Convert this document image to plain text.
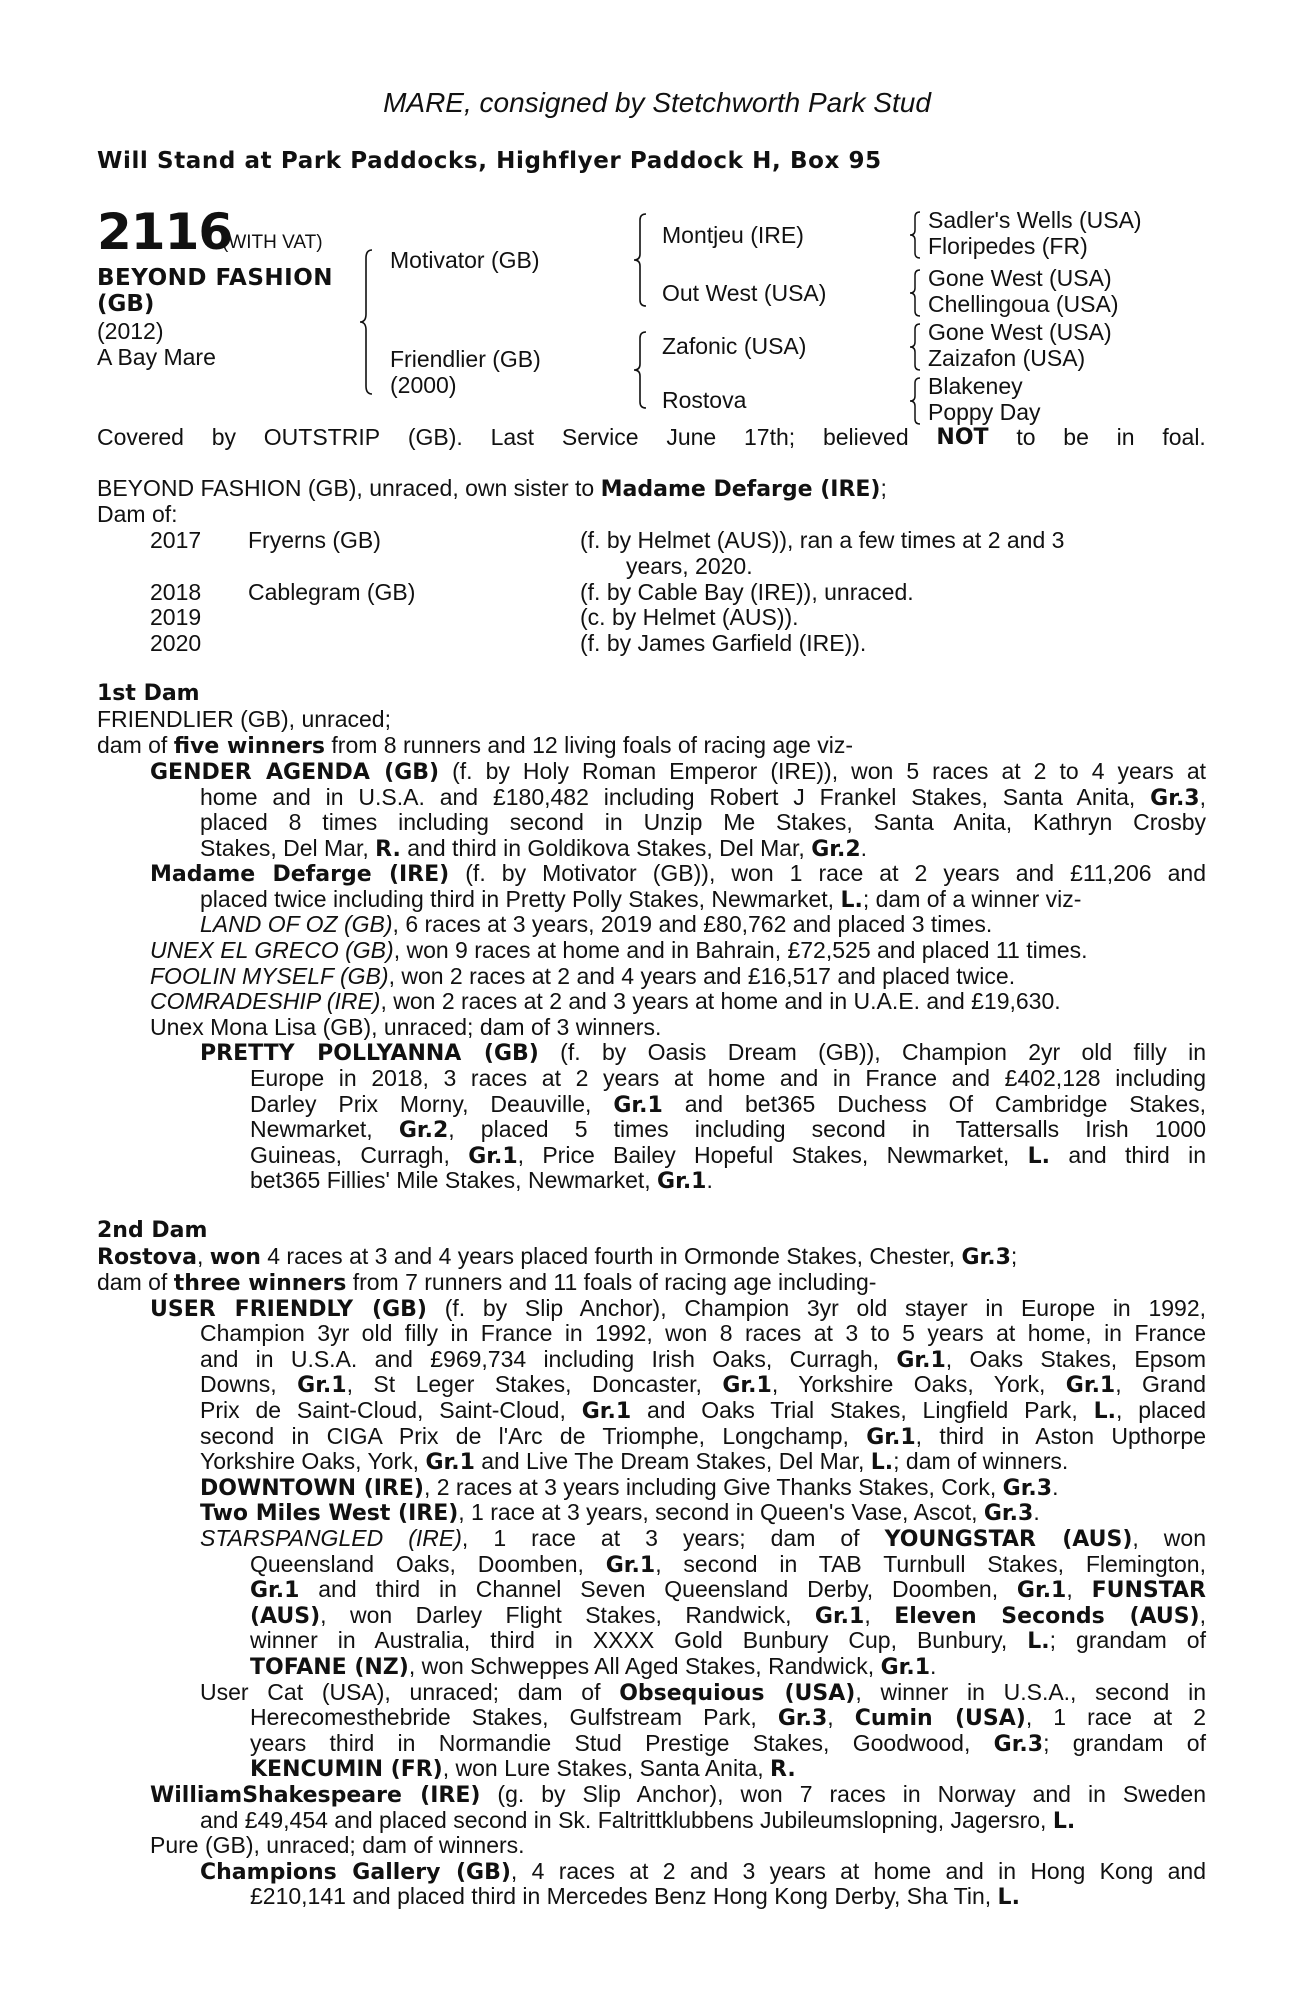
MARE, consigned by Stetchworth Park Stud
Will Stand at Park Paddocks, Highflyer Paddock H, Box 95
2116
(WITH VAT)
BEYOND FASHION
(GB)
(2012)
A Bay Mare
Motivator (GB)
Friendlier (GB)
(2000)
Montjeu (IRE)
Out West (USA)
Zafonic (USA)
Rostova
Sadler's Wells (USA)
Floripedes (FR)
Gone West (USA)
Chellingoua (USA)
Gone West (USA)
Zaizafon (USA)
Blakeney
Poppy Day
Covered by OUTSTRIP (GB). Last Service June 17th; believed NOT to be in foal.
BEYOND FASHION (GB), unraced, own sister to Madame Defarge (IRE);
Dam of:
2017 Fryerns (GB)	(f. by Helmet (AUS)), ran a few times at 2 and 3
years, 2020.
2018 Cablegram (GB)	(f. by Cable Bay (IRE)), unraced.
2019	(c. by Helmet (AUS)).
2020	(f. by James Garfield (IRE)).
1st Dam
FRIENDLIER (GB), unraced;
dam of five winners from 8 runners and 12 living foals of racing age viz-

GENDER AGENDA (GB) (f. by Holy Roman Emperor (IRE)), won 5 races at 2 to 4 years at

home and in U.S.A. and £180,482 including Robert J Frankel Stakes, Santa Anita, Gr.3,

placed 8 times including second in Unzip Me Stakes, Santa Anita, Kathryn Crosby

Stakes, Del Mar, R. and third in Goldikova Stakes, Del Mar, Gr.2.

Madame Defarge (IRE) (f. by Motivator (GB)), won 1 race at 2 years and £11,206 and

placed twice including third in Pretty Polly Stakes, Newmarket, L.; dam of a winner viz-

LAND OF OZ (GB), 6 races at 3 years, 2019 and £80,762 and placed 3 times.

UNEX EL GRECO (GB), won 9 races at home and in Bahrain, £72,525 and placed 11 times.

FOOLIN MYSELF (GB), won 2 races at 2 and 4 years and £16,517 and placed twice.

COMRADESHIP (IRE), won 2 races at 2 and 3 years at home and in U.A.E. and £19,630.

Unex Mona Lisa (GB), unraced; dam of 3 winners.

PRETTY POLLYANNA (GB) (f. by Oasis Dream (GB)), Champion 2yr old filly in

Europe in 2018, 3 races at 2 years at home and in France and £402,128 including

Darley Prix Morny, Deauville, Gr.1 and bet365 Duchess Of Cambridge Stakes,

Newmarket, Gr.2, placed 5 times including second in Tattersalls Irish 1000

Guineas, Curragh, Gr.1, Price Bailey Hopeful Stakes, Newmarket, L. and third in

bet365 Fillies' Mile Stakes, Newmarket, Gr.1.

2nd Dam
Rostova, won 4 races at 3 and 4 years placed fourth in Ormonde Stakes, Chester, Gr.3;
dam of three winners from 7 runners and 11 foals of racing age including-

USER FRIENDLY (GB) (f. by Slip Anchor), Champion 3yr old stayer in Europe in 1992,

Champion 3yr old filly in France in 1992, won 8 races at 3 to 5 years at home, in France

and in U.S.A. and £969,734 including Irish Oaks, Curragh, Gr.1, Oaks Stakes, Epsom

Downs, Gr.1, St Leger Stakes, Doncaster, Gr.1, Yorkshire Oaks, York, Gr.1, Grand

Prix de Saint-Cloud, Saint-Cloud, Gr.1 and Oaks Trial Stakes, Lingfield Park, L., placed

second in CIGA Prix de l'Arc de Triomphe, Longchamp, Gr.1, third in Aston Upthorpe

Yorkshire Oaks, York, Gr.1 and Live The Dream Stakes, Del Mar, L.; dam of winners.

DOWNTOWN (IRE), 2 races at 3 years including Give Thanks Stakes, Cork, Gr.3.

Two Miles West (IRE), 1 race at 3 years, second in Queen's Vase, Ascot, Gr.3.

STARSPANGLED (IRE), 1 race at 3 years; dam of YOUNGSTAR (AUS), won

Queensland Oaks, Doomben, Gr.1, second in TAB Turnbull Stakes, Flemington,

Gr.1 and third in Channel Seven Queensland Derby, Doomben, Gr.1, FUNSTAR

(AUS), won Darley Flight Stakes, Randwick, Gr.1, Eleven Seconds (AUS),

winner in Australia, third in XXXX Gold Bunbury Cup, Bunbury, L.; grandam of

TOFANE (NZ), won Schweppes All Aged Stakes, Randwick, Gr.1.

User Cat (USA), unraced; dam of Obsequious (USA), winner in U.S.A., second in

Herecomesthebride Stakes, Gulfstream Park, Gr.3, Cumin (USA), 1 race at 2

years third in Normandie Stud Prestige Stakes, Goodwood, Gr.3; grandam of

KENCUMIN (FR), won Lure Stakes, Santa Anita, R.

WilliamShakespeare (IRE) (g. by Slip Anchor), won 7 races in Norway and in Sweden

and £49,454 and placed second in Sk. Faltrittklubbens Jubileumslopning, Jagersro, L.

Pure (GB), unraced; dam of winners.

Champions Gallery (GB), 4 races at 2 and 3 years at home and in Hong Kong and

£210,141 and placed third in Mercedes Benz Hong Kong Derby, Sha Tin, L.
